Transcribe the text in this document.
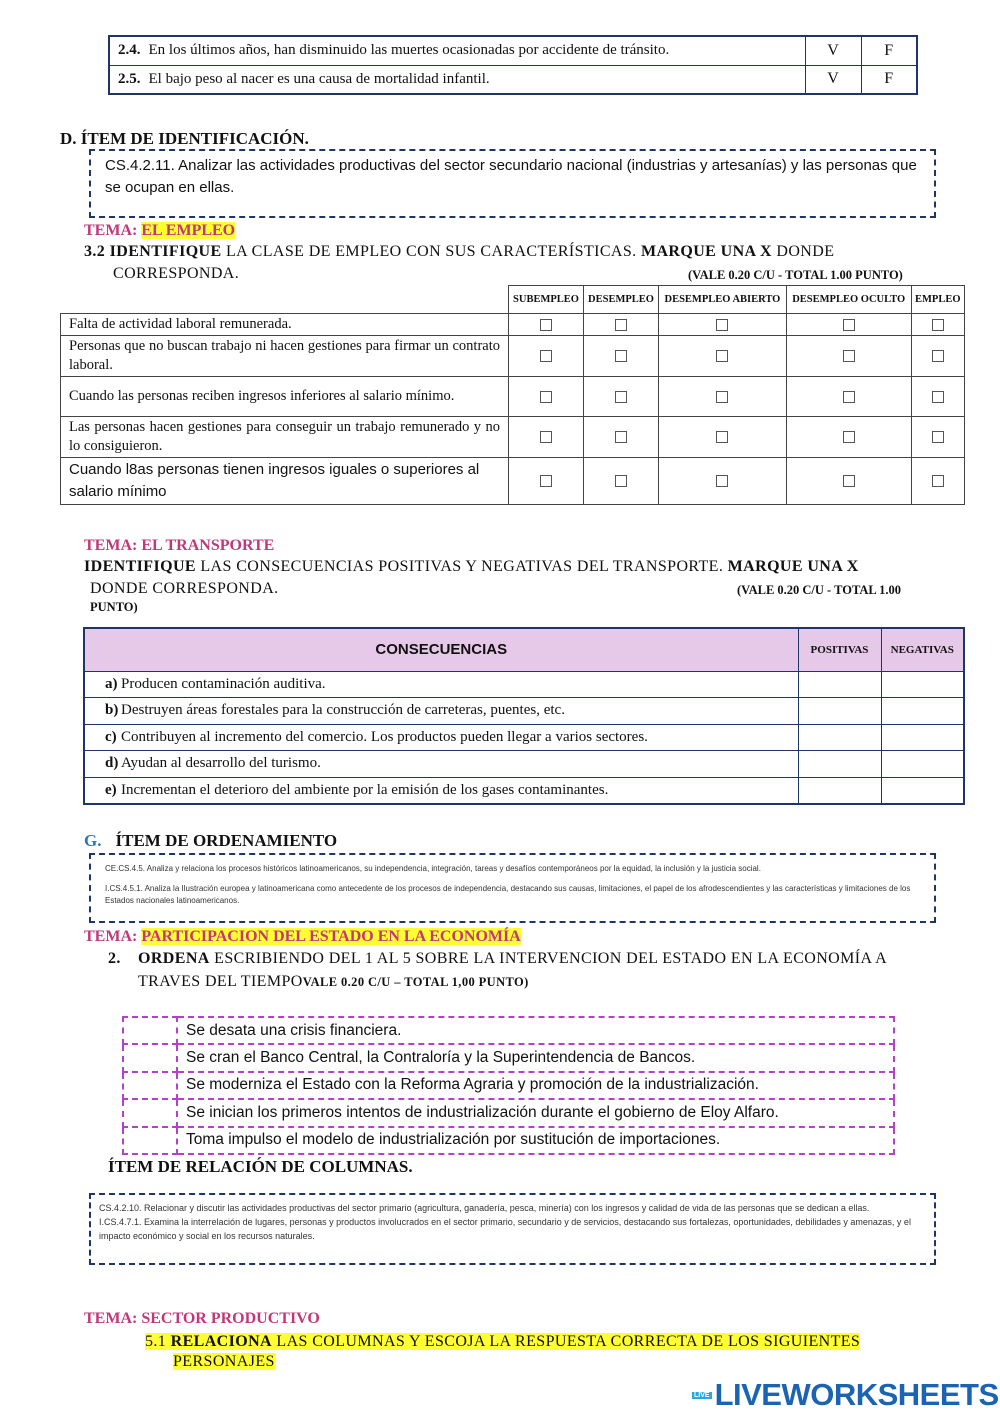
2.4. En los últimos años, han disminuido las muertes ocasionadas por accidente de tránsito.	V	F
2.5. El bajo peso al nacer es una causa de mortalidad infantil.	V	F
D. ÍTEM DE IDENTIFICACIÓN.
CS.4.2.11. Analizar las actividades productivas del sector secundario nacional (industrias y artesanías) y las personas que se ocupan en ellas.
TEMA: EL EMPLEO
3.2 IDENTIFIQUE LA CLASE DE EMPLEO CON SUS CARACTERÍSTICAS. MARQUE UNA X DONDE
CORRESPONDA.	(VALE 0.20 C/U - TOTAL 1.00 PUNTO)
	SUBEMPLEO	DESEMPLEO	DESEMPLEO ABIERTO	DESEMPLEO OCULTO	EMPLEO
Falta de actividad laboral remunerada.					
Personas que no buscan trabajo ni hacen gestiones para firmar un contrato laboral.					
Cuando las personas reciben ingresos inferiores al salario mínimo.					
Las personas hacen gestiones para conseguir un trabajo remunerado y no lo consiguieron.					
Cuando l8as personas tienen ingresos iguales o superiores al salario mínimo					
TEMA: EL TRANSPORTE
IDENTIFIQUE LAS CONSECUENCIAS POSITIVAS Y NEGATIVAS DEL TRANSPORTE. MARQUE UNA X
DONDE CORRESPONDA.	(VALE 0.20 C/U - TOTAL 1.00
PUNTO)
CONSECUENCIAS	POSITIVAS	NEGATIVAS
a) Producen contaminación auditiva.		
b) Destruyen áreas forestales para la construcción de carreteras, puentes, etc.		
c) Contribuyen al incremento del comercio. Los productos pueden llegar a varios sectores.		
d) Ayudan al desarrollo del turismo.		
e) Incrementan el deterioro del ambiente por la emisión de los gases contaminantes.		
G. ÍTEM DE ORDENAMIENTO
CE.CS.4.5. Analiza y relaciona los procesos históricos latinoamericanos, su independencia, integración, tareas y desafíos contemporáneos por la equidad, la inclusión y la justicia social.
I.CS.4.5.1. Analiza la Ilustración europea y latinoamericana como antecedente de los procesos de independencia, destacando sus causas, limitaciones, el papel de los afrodescendientes y las características y limitaciones de los Estados nacionales latinoamericanos.
TEMA: PARTICIPACION DEL ESTADO EN LA ECONOMÍA
2. ORDENA ESCRIBIENDO DEL 1 AL 5 SOBRE LA INTERVENCION DEL ESTADO EN LA ECONOMÍA A
TRAVES DEL TIEMPOVALE 0.20 C/U – TOTAL 1,00 PUNTO)
	Se desata una crisis financiera.
	Se cran el Banco Central, la Contraloría y la Superintendencia de Bancos.
	Se moderniza el Estado con la Reforma Agraria y promoción de la industrialización.
	Se inician los primeros intentos de industrialización durante el gobierno de Eloy Alfaro.
	Toma impulso el modelo de industrialización por sustitución de importaciones.
ÍTEM DE RELACIÓN DE COLUMNAS.
CS.4.2.10. Relacionar y discutir las actividades productivas del sector primario (agricultura, ganadería, pesca, minería) con los ingresos y calidad de vida de las personas que se dedican a ellas.
I.CS.4.7.1. Examina la interrelación de lugares, personas y productos involucrados en el sector primario, secundario y de servicios, destacando sus fortalezas, oportunidades, debilidades y amenazas, y el impacto económico y social en los recursos naturales.
TEMA: SECTOR PRODUCTIVO
5.1 RELACIONA LAS COLUMNAS Y ESCOJA LA RESPUESTA CORRECTA DE LOS SIGUIENTES
PERSONAJES
LIVE LIVEWORKSHEETS
